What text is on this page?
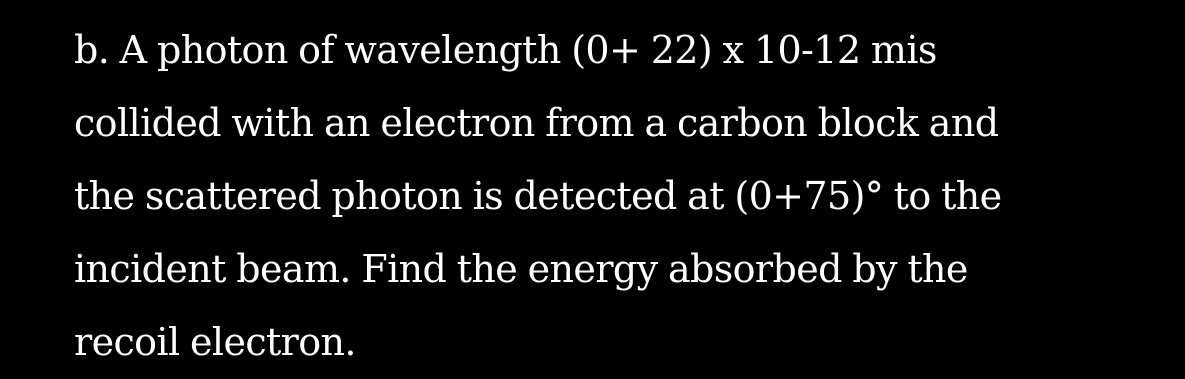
b. A photon of wavelength (0+ 22) x 10-12 mis
collided with an electron from a carbon block and
the scattered photon is detected at (0+75)° to the
incident beam. Find the energy absorbed by the
recoil electron.
